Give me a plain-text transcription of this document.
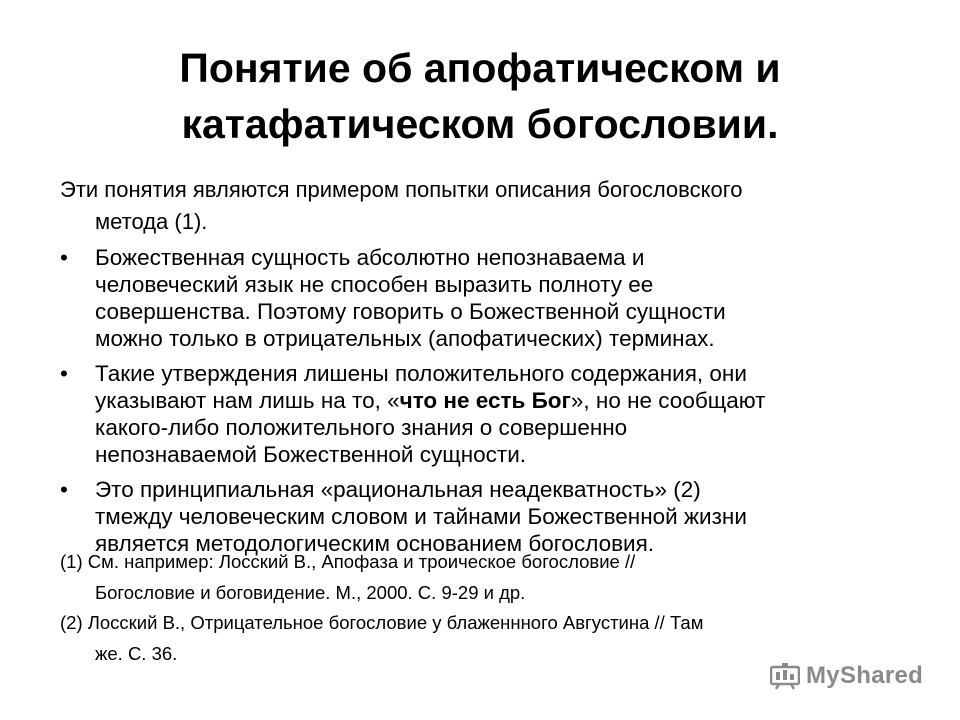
Понятие об апофатическом и
катафатическом богословии.

Эти понятия являются примером попытки описания богословского
метода (1).

• Божественная сущность абсолютно непознаваема и
человеческий язык не способен выразить полноту ее
совершенства. Поэтому говорить о Божественной сущности
можно только в отрицательных (апофатических) терминах.
• Такие утверждения лишены положительного содержания, они
указывают нам лишь на то, «что не есть Бог», но не сообщают
какого-либо положительного знания о совершенно
непознаваемой Божественной сущности.
• Это принципиальная «рациональная неадекватность» (2)
тмежду человеческим словом и тайнами Божественной жизни
является методологическим основанием богословия.

(1) См. например: Лосский В., Апофаза и троическое богословие //
Богословие и боговидение. М., 2000. С. 9-29 и др.

(2) Лосский В., Отрицательное богословие у блаженнного Августина // Там
же. С. 36.

MyShared
